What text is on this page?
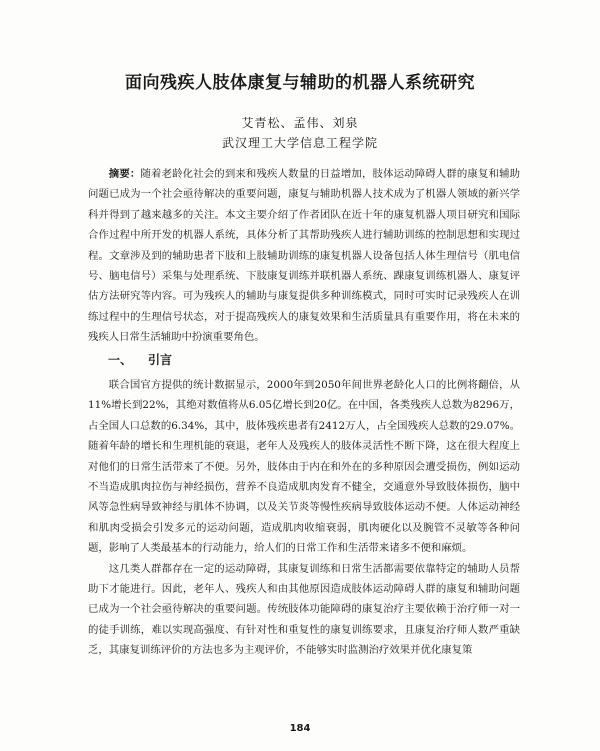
面向残疾人肢体康复与辅助的机器人系统研究
艾青松、孟伟、刘泉
武汉理工大学信息工程学院
摘要：随着老龄化社会的到来和残疾人数量的日益增加，肢体运动障碍人群的康复和辅助问题已成为一个社会亟待解决的重要问题，康复与辅助机器人技术成为了机器人领域的新兴学科并得到了越来越多的关注。本文主要介绍了作者团队在近十年的康复机器人项目研究和国际合作过程中所开发的机器人系统，具体分析了其帮助残疾人进行辅助训练的控制思想和实现过程。文章涉及到的辅助患者下肢和上肢辅助训练的康复机器人设备包括人体生理信号（肌电信号、脑电信号）采集与处理系统、下肢康复训练并联机器人系统、踝康复训练机器人、康复评估方法研究等内容。可为残疾人的辅助与康复提供多种训练模式，同时可实时记录残疾人在训练过程中的生理信号状态，对于提高残疾人的康复效果和生活质量具有重要作用，将在未来的残疾人日常生活辅助中扮演重要角色。
一、 引言

联合国官方提供的统计数据显示，2000年到2050年间世界老龄化人口的比例将翻倍，从11%增长到22%，其绝对数值将从6.05亿增长到20亿。在中国，各类残疾人总数为8296万，占全国人口总数的6.34%，其中，肢体残疾患者有2412万人，占全国残疾人总数的29.07%。随着年龄的增长和生理机能的衰退，老年人及残疾人的肢体灵活性不断下降，这在很大程度上对他们的日常生活带来了不便。另外，肢体由于内在和外在的多种原因会遭受损伤，例如运动不当造成肌肉拉伤与神经损伤，营养不良造成肌肉发育不健全，交通意外导致肢体损伤，脑中风等急性病导致神经与肌体不协调，以及关节炎等慢性疾病导致肢体运动不便。人体运动神经和肌肉受损会引发多元的运动问题，造成肌肉收缩衰弱，肌肉硬化以及腕管不灵敏等各种问题，影响了人类最基本的行动能力，给人们的日常工作和生活带来诸多不便和麻烦。

这几类人群都存在一定的运动障碍，其康复训练和日常生活都需要依靠特定的辅助人员帮助下才能进行。因此，老年人、残疾人和由其他原因造成肢体运动障碍人群的康复和辅助问题已成为一个社会亟待解决的重要问题。传统肢体功能障碍的康复治疗主要依赖于治疗师一对一的徒手训练，难以实现高强度、有针对性和重复性的康复训练要求，且康复治疗师人数严重缺乏，其康复训练评价的方法也多为主观评价，不能够实时监测治疗效果并优化康复策

184
